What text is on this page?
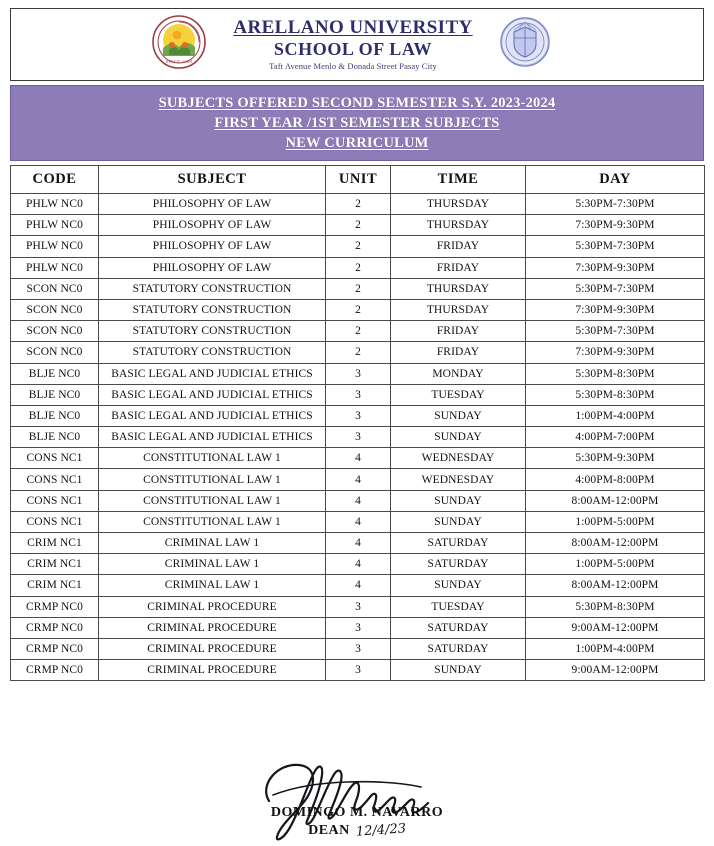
SINCE 1938
ARELLANO UNIVERSITY
SCHOOL OF LAW
Taft Avenue Menlo & Donada Street Pasay City
SUBJECTS OFFERED SECOND SEMESTER S.Y. 2023-2024
FIRST YEAR /1ST SEMESTER SUBJECTS
NEW CURRICULUM
CODE	SUBJECT	UNIT	TIME	DAY
PHLW NC0	PHILOSOPHY OF LAW	2	THURSDAY	5:30PM-7:30PM
PHLW NC0	PHILOSOPHY OF LAW	2	THURSDAY	7:30PM-9:30PM
PHLW NC0	PHILOSOPHY OF LAW	2	FRIDAY	5:30PM-7:30PM
PHLW NC0	PHILOSOPHY OF LAW	2	FRIDAY	7:30PM-9:30PM
SCON NC0	STATUTORY CONSTRUCTION	2	THURSDAY	5:30PM-7:30PM
SCON NC0	STATUTORY CONSTRUCTION	2	THURSDAY	7:30PM-9:30PM
SCON NC0	STATUTORY CONSTRUCTION	2	FRIDAY	5:30PM-7:30PM
SCON NC0	STATUTORY CONSTRUCTION	2	FRIDAY	7:30PM-9:30PM
BLJE NC0	BASIC LEGAL AND JUDICIAL ETHICS	3	MONDAY	5:30PM-8:30PM
BLJE NC0	BASIC LEGAL AND JUDICIAL ETHICS	3	TUESDAY	5:30PM-8:30PM
BLJE NC0	BASIC LEGAL AND JUDICIAL ETHICS	3	SUNDAY	1:00PM-4:00PM
BLJE NC0	BASIC LEGAL AND JUDICIAL ETHICS	3	SUNDAY	4:00PM-7:00PM
CONS NC1	CONSTITUTIONAL LAW 1	4	WEDNESDAY	5:30PM-9:30PM
CONS NC1	CONSTITUTIONAL LAW 1	4	WEDNESDAY	4:00PM-8:00PM
CONS NC1	CONSTITUTIONAL LAW 1	4	SUNDAY	8:00AM-12:00PM
CONS NC1	CONSTITUTIONAL LAW 1	4	SUNDAY	1:00PM-5:00PM
CRIM NC1	CRIMINAL LAW 1	4	SATURDAY	8:00AM-12:00PM
CRIM NC1	CRIMINAL LAW 1	4	SATURDAY	1:00PM-5:00PM
CRIM NC1	CRIMINAL LAW 1	4	SUNDAY	8:00AM-12:00PM
CRMP NC0	CRIMINAL PROCEDURE	3	TUESDAY	5:30PM-8:30PM
CRMP NC0	CRIMINAL PROCEDURE	3	SATURDAY	9:00AM-12:00PM
CRMP NC0	CRIMINAL PROCEDURE	3	SATURDAY	1:00PM-4:00PM
CRMP NC0	CRIMINAL PROCEDURE	3	SUNDAY	9:00AM-12:00PM
DOMINGO M. NAVARRO
DEAN 12/4/23
